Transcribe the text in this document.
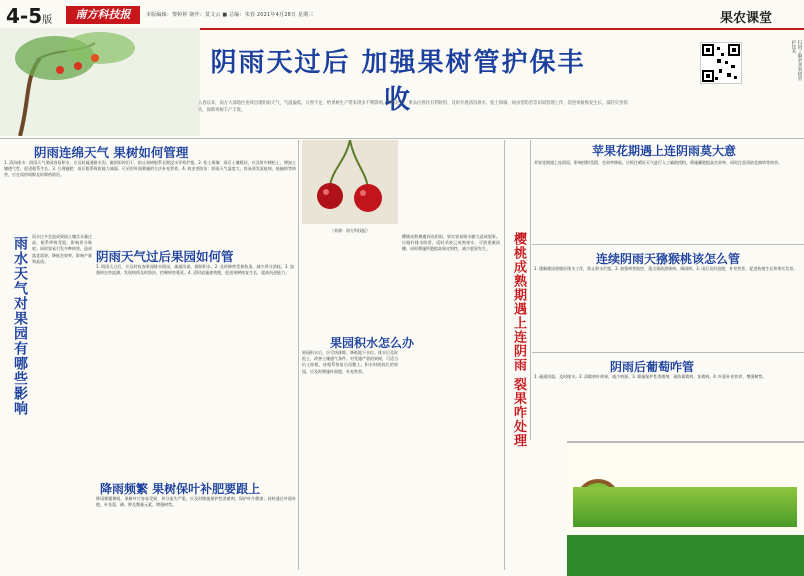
4-5版	南方科技报	本版编辑：黎婷婷 制作：莫文云 ■ 总编：朱春 2021年4月28日 星期三	果农课堂
阴雨天过后 加强果树管护保丰收
入春以来，南方大部地区连续出现阴雨天气，气温偏低，日照不足，给果树生产带来诸多不利影响。阴雨过后，果农应抓住有利时机，及时开展清沟排水、松土保墒、病虫害防治等田间管理工作，促进果树恢复生长，减轻灾害损失，保障果树丰产丰收。
扫码了解更多果树管护技术
阴雨连绵天气 果树如何管理
1. 清沟排水：阴雨天气果园容易积水，应及时疏通排水沟，做到雨停田干，防止果树根系长期浸水导致烂根。2. 松土保墒：雨后土壤板结，应及时中耕松土，增加土壤透气性，促进根系生长。3. 合理施肥：雨后根系吸收能力减弱，可采用叶面喷施的方法补充营养。4. 病虫害防治：阴雨天气湿度大，容易诱发炭疽病、疮痂病等病害，应在雨停间隙及时喷药防治。
雨水天气对果园有哪些影响	雨水过多会造成果园土壤含水量过高，根系呼吸受阻，影响养分吸收；同时容易引发多种病害，造成落花落果，降低坐果率，影响产量和品质。	阴雨天气过后果园如何管
1. 阴雨天过后，应及时检查果园排水情况，疏通沟渠，排除积水。2. 及时修剪受损枝条，减少养分消耗。3. 加强病虫害监测，发现病情及时防治，控制病害蔓延。4. 适时追施速效肥，促进果树恢复生长，提高抗逆能力。
降雨频繁 果树保叶补肥要跟上
降雨频繁期间，果树叶片容易受损，养分流失严重。应及时喷施保护性杀菌剂，保护叶片健康；同时通过叶面补肥，补充氮、磷、钾及微量元素，增强树势。
（来源：南方科技报）
果园积水怎么办
果园积水后，应尽快排除，降低地下水位。排水后及时松土，改善土壤通气条件。对受淹严重的果树，可适当扒土晾根，待根系恢复后再覆土。积水时间较长的果园，应及时喷施叶面肥，补充营养。
樱桃成熟期遇到连阴雨，果实容易吸水膨大造成裂果。应做好排水防涝，适时采收已成熟果实，可搭建避雨棚，同时喷施钙肥提高果皮韧性，减少裂果发生。	樱桃成熟期遇上连阴雨 裂果咋处理
苹果花期遇上连阴雨莫大意
苹果花期遇上连阴雨，影响授粉受精，坐果率降低。应抓住晴好天气进行人工辅助授粉，喷施硼肥提高坐果率，同时注意预防花腐病等病害。
连续阴雨天猕猴桃该怎么管
1. 猕猴桃园要做好排水工作，防止积水烂根。2. 加强病害防控，重点预防溃疡病、褐斑病。3. 雨后及时追肥，补充营养，促进枝梢生长和果实发育。
阴雨后葡萄咋管
1. 疏通沟渠，及时排水。2. 清除病叶病果，减少病源。3. 喷施保护性杀菌剂，预防霜霉病、灰霉病。4. 叶面补充营养，增强树势。
